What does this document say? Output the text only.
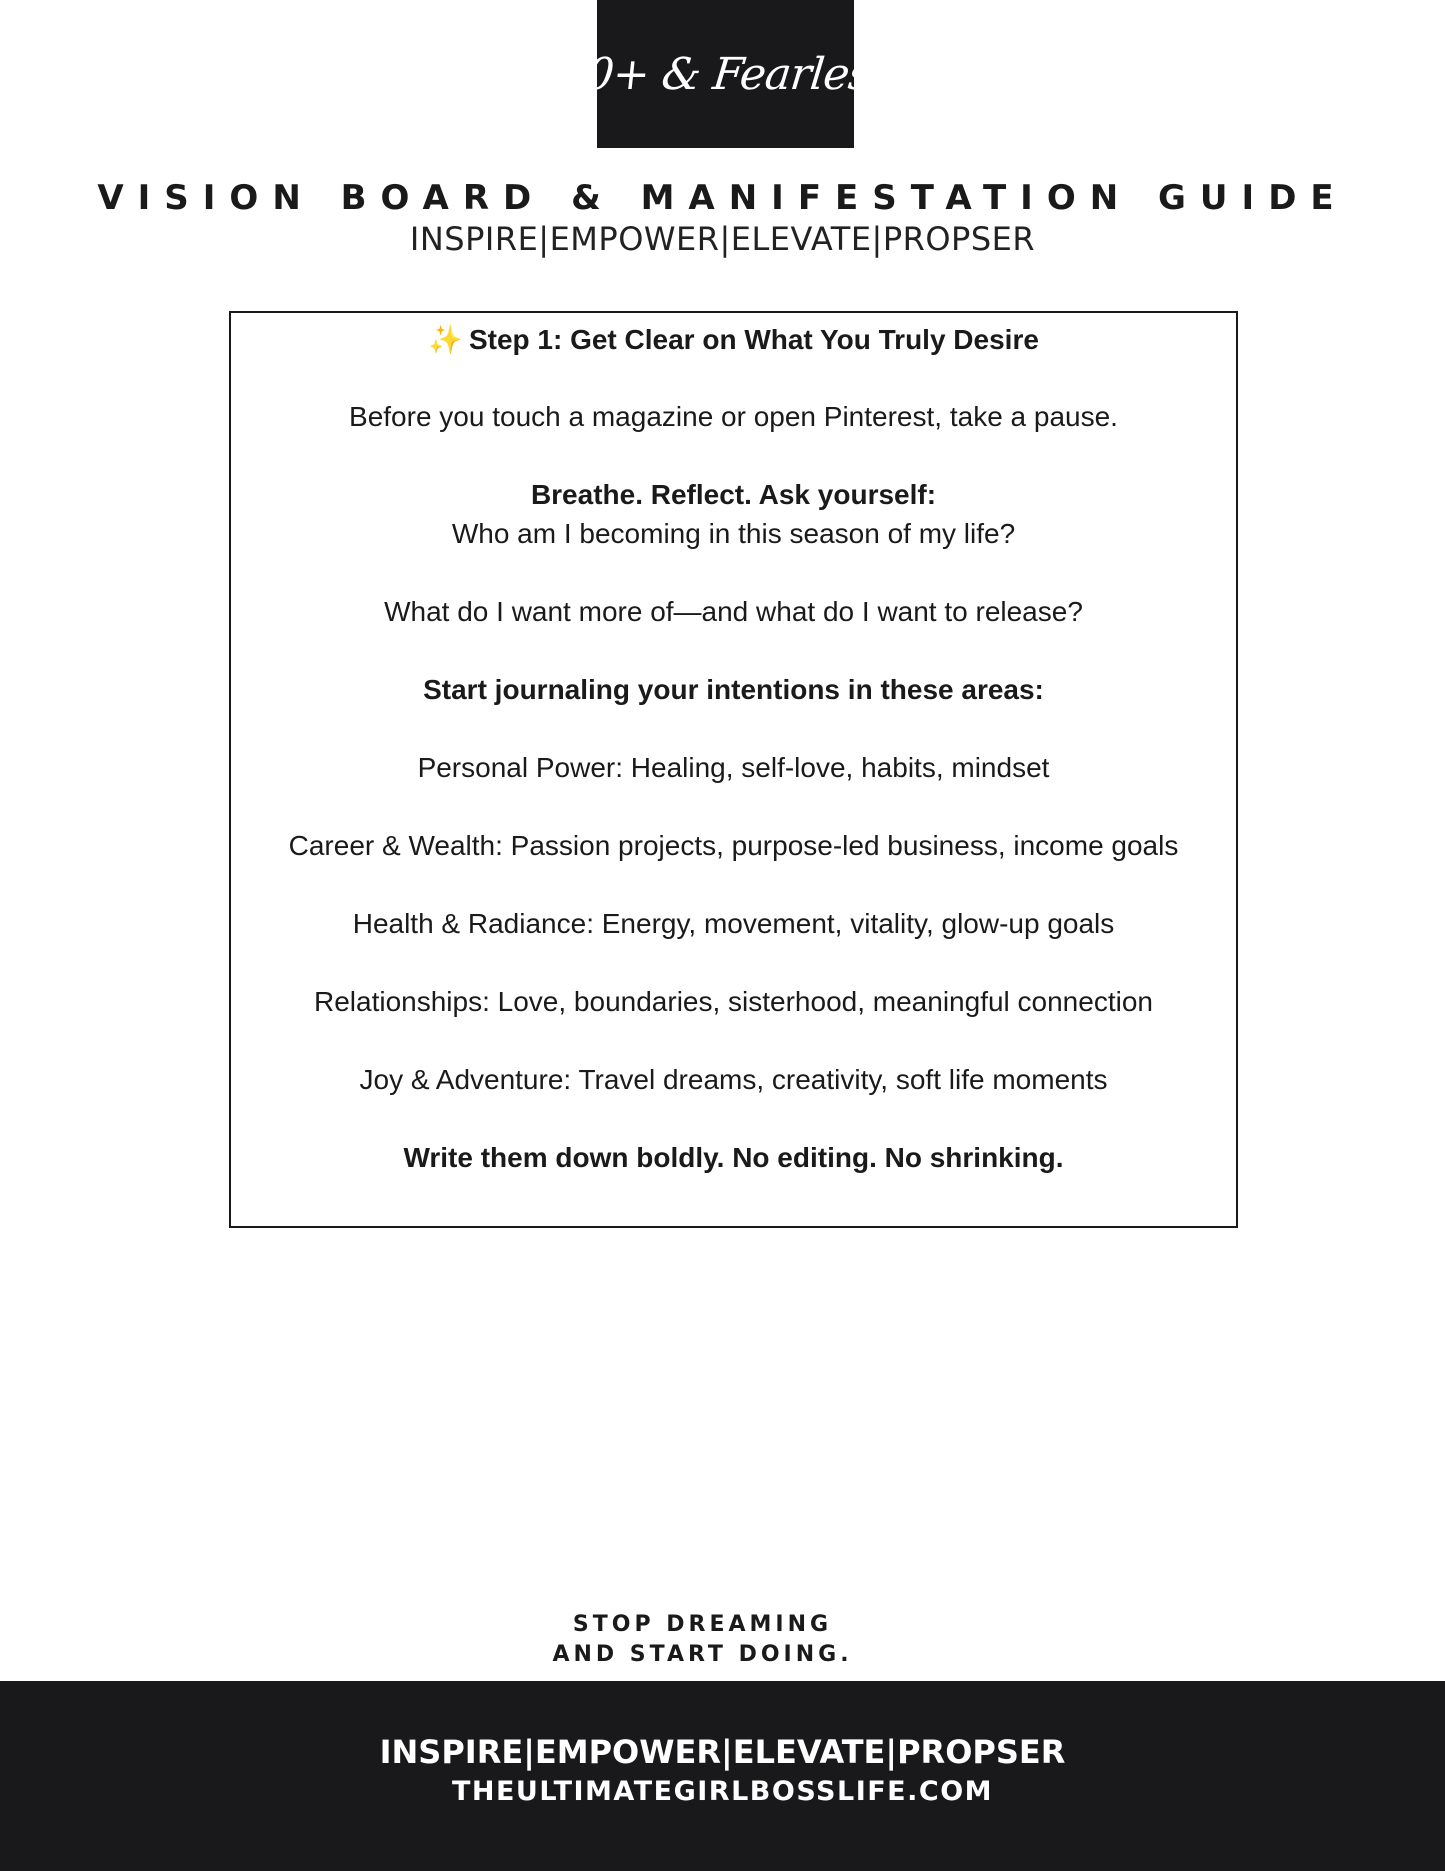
50+ & Fearless
VISION BOARD & MANIFESTATION GUIDE
INSPIRE|EMPOWER|ELEVATE|PROPSER
✨ Step 1: Get Clear on What You Truly Desire
Before you touch a magazine or open Pinterest, take a pause.
Breathe. Reflect. Ask yourself:
Who am I becoming in this season of my life?
What do I want more of—and what do I want to release?
Start journaling your intentions in these areas:
Personal Power: Healing, self-love, habits, mindset
Career & Wealth: Passion projects, purpose-led business, income goals
Health & Radiance: Energy, movement, vitality, glow-up goals
Relationships: Love, boundaries, sisterhood, meaningful connection
Joy & Adventure: Travel dreams, creativity, soft life moments
Write them down boldly. No editing. No shrinking.
STOP DREAMING
AND START DOING.
INSPIRE|EMPOWER|ELEVATE|PROPSER
THEULTIMATEGIRLBOSSLIFE.COM
